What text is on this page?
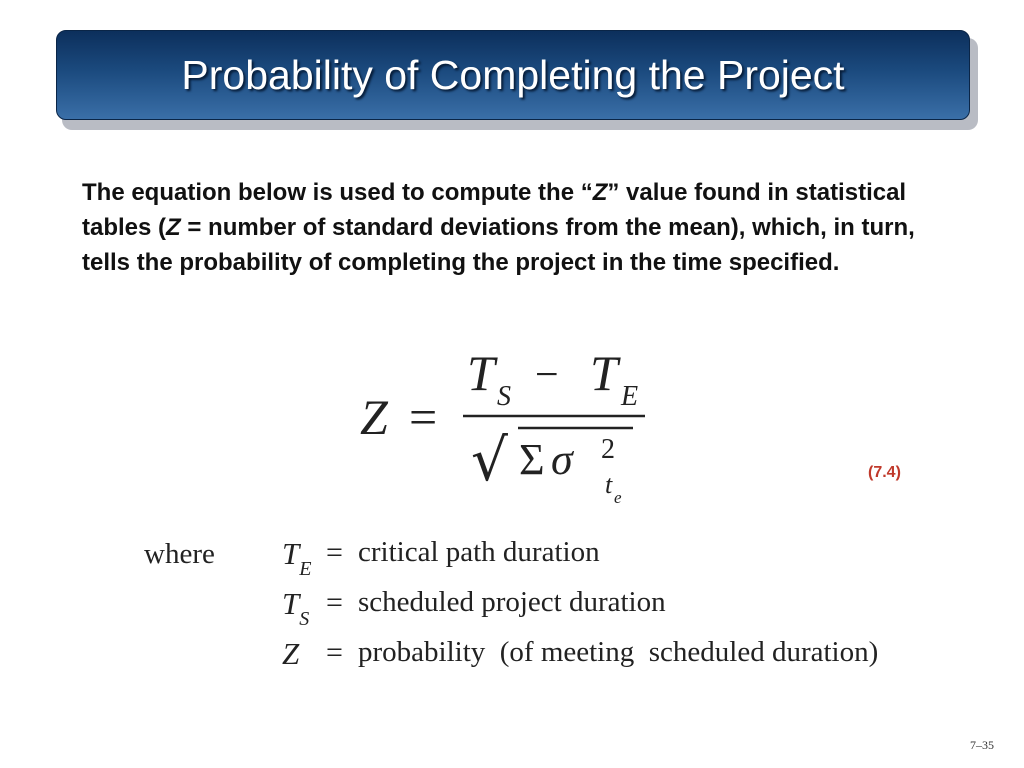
Probability of Completing the Project
The equation below is used to compute the “Z” value found in statistical tables (Z = number of standard deviations from the mean), which, in turn, tells the probability of completing the project in the time specified.
Z =
T S − T E
√ Σ σ 2
t e
(7.4)
where $T_E$ = critical path duration
$T_S$ = scheduled project duration
Z = probability  (of meeting  scheduled duration)
7–35
